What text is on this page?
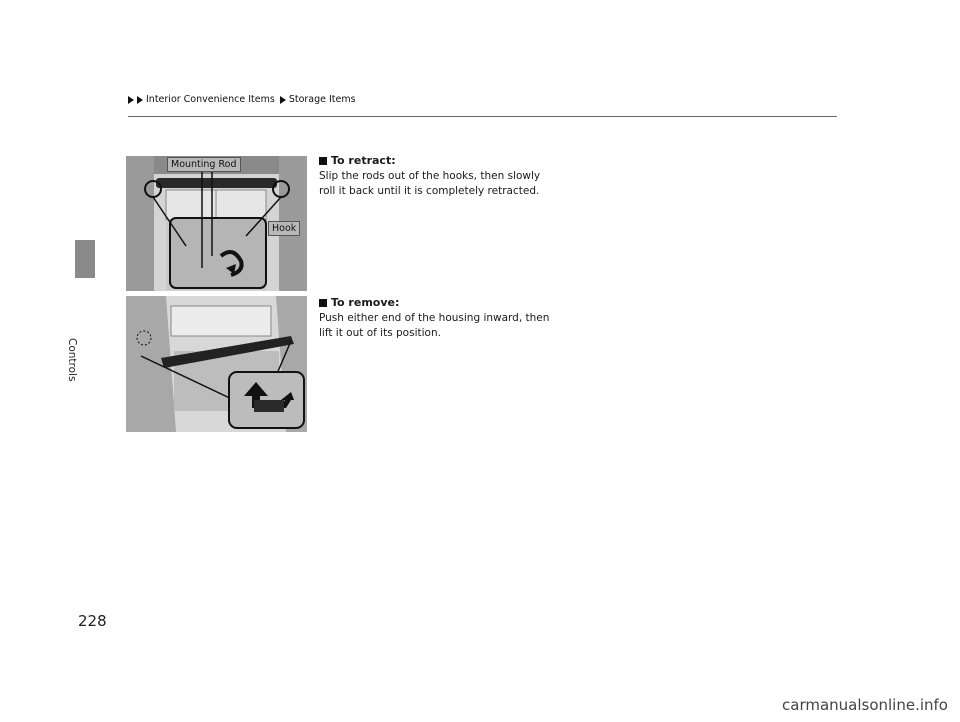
Controls
Interior Convenience Items Storage Items
Mounting Rod
Hook
To retract:
Slip the rods out of the hooks, then slowly roll it back until it is completely retracted.
To remove:
Push either end of the housing inward, then lift it out of its position.
228
carmanualsonline.info
